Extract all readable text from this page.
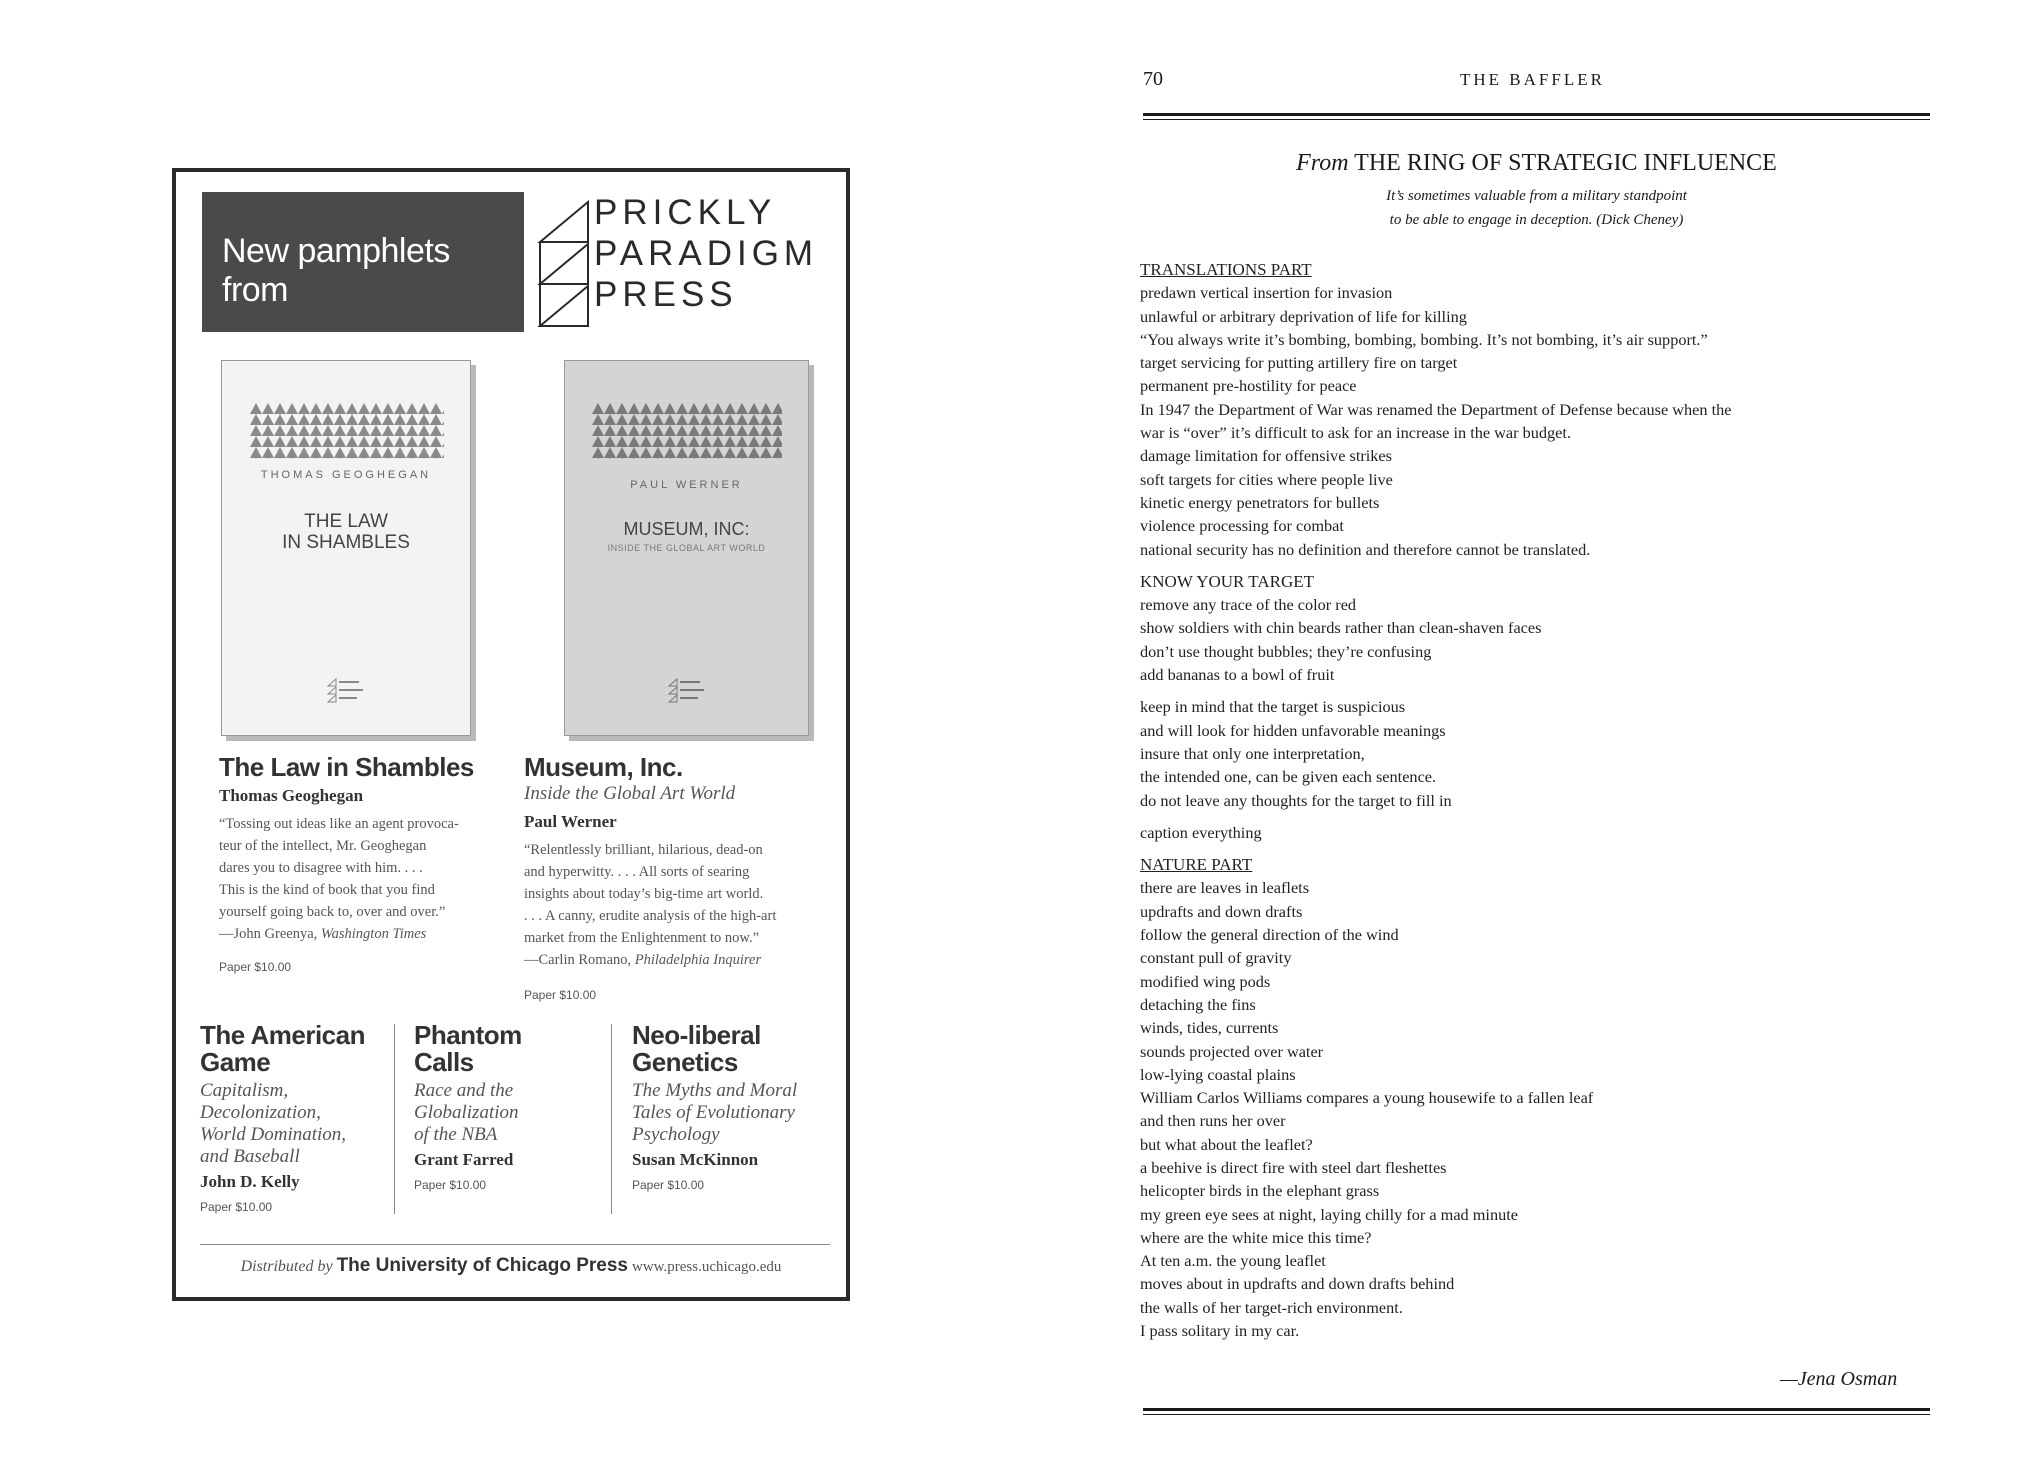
New pamphlets from
PRICKLY
PARADIGM
PRESS
THOMAS GEOGHEGAN
THE LAW
IN SHAMBLES
PAUL WERNER
MUSEUM, INC:
INSIDE THE GLOBAL ART WORLD
The Law in Shambles
Thomas Geoghegan
“Tossing out ideas like an agent provoca-
teur of the intellect, Mr. Geoghegan
dares you to disagree with him. . . .
This is the kind of book that you find
yourself going back to, over and over.”
—John Greenya, Washington Times
Paper $10.00
Museum, Inc.
Inside the Global Art World
Paul Werner
“Relentlessly brilliant, hilarious, dead-on
and hyperwitty. . . . All sorts of searing
insights about today’s big-time art world.
. . . A canny, erudite analysis of the high-art
market from the Enlightenment to now.”
—Carlin Romano, Philadelphia Inquirer
Paper $10.00
The American
Game
Capitalism,
Decolonization,
World Domination,
and Baseball
John D. Kelly
Paper $10.00
Phantom
Calls
Race and the
Globalization
of the NBA
Grant Farred
Paper $10.00
Neo-liberal
Genetics
The Myths and Moral
Tales of Evolutionary
Psychology
Susan McKinnon
Paper $10.00
Distributed by The University of Chicago Press www.press.uchicago.edu
70	THE BAFFLER
From THE RING OF STRATEGIC INFLUENCE
It’s sometimes valuable from a military standpoint
to be able to engage in deception. (Dick Cheney)
TRANSLATIONS PART
predawn vertical insertion for invasion
unlawful or arbitrary deprivation of life for killing
“You always write it’s bombing, bombing, bombing. It’s not bombing, it’s air support.”
target servicing for putting artillery fire on target
permanent pre-hostility for peace
In 1947 the Department of War was renamed the Department of Defense because when the
war is “over” it’s difficult to ask for an increase in the war budget.
damage limitation for offensive strikes
soft targets for cities where people live
kinetic energy penetrators for bullets
violence processing for combat
national security has no definition and therefore cannot be translated.
KNOW YOUR TARGET
remove any trace of the color red
show soldiers with chin beards rather than clean-shaven faces
don’t use thought bubbles; they’re confusing
add bananas to a bowl of fruit
keep in mind that the target is suspicious
and will look for hidden unfavorable meanings
insure that only one interpretation,
the intended one, can be given each sentence.
do not leave any thoughts for the target to fill in
caption everything
NATURE PART
there are leaves in leaflets
updrafts and down drafts
follow the general direction of the wind
constant pull of gravity
modified wing pods
detaching the fins
winds, tides, currents
sounds projected over water
low-lying coastal plains
William Carlos Williams compares a young housewife to a fallen leaf
and then runs her over
but what about the leaflet?
a beehive is direct fire with steel dart fleshettes
helicopter birds in the elephant grass
my green eye sees at night, laying chilly for a mad minute
where are the white mice this time?
At ten a.m. the young leaflet
moves about in updrafts and down drafts behind
the walls of her target-rich environment.
I pass solitary in my car.
—Jena Osman
